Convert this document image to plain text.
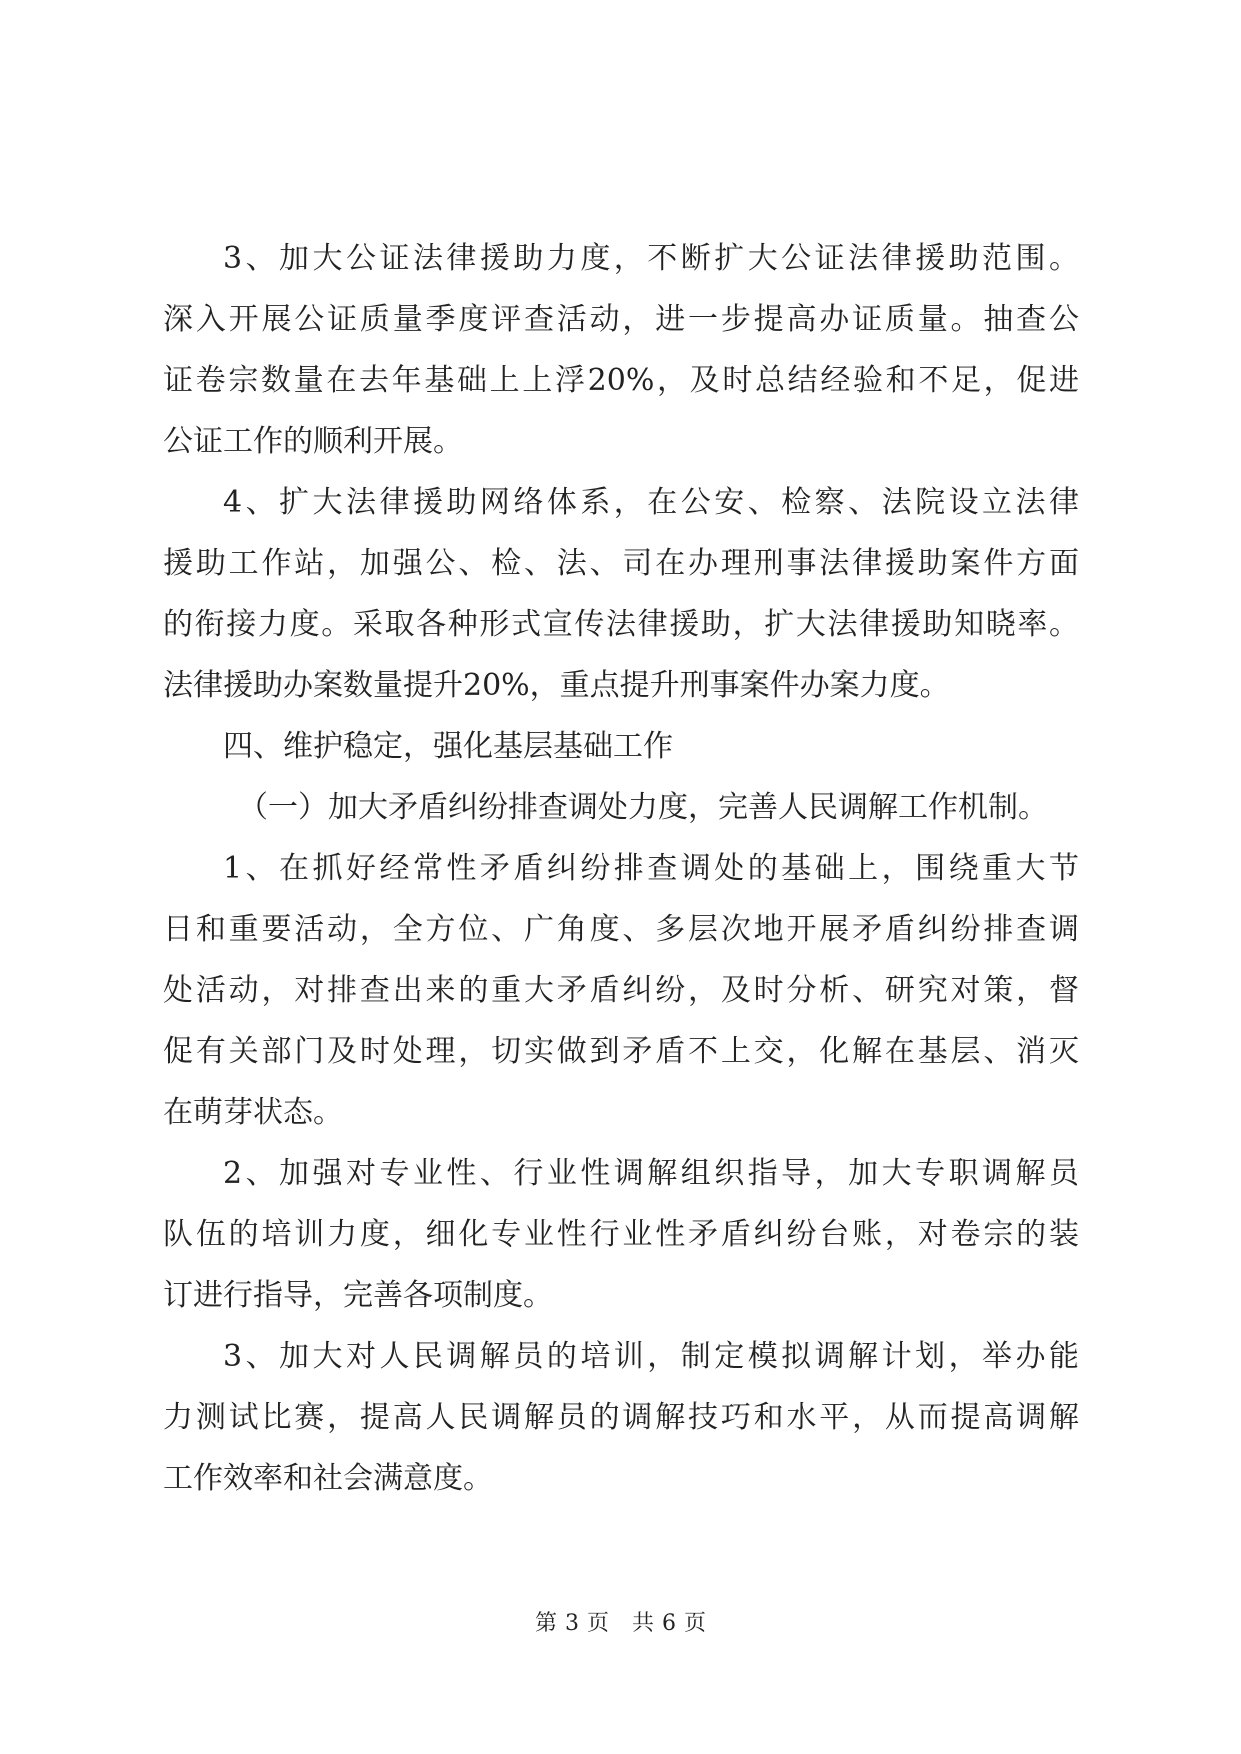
3、加大公证法律援助力度，不断扩大公证法律援助范围。
深入开展公证质量季度评查活动，进一步提高办证质量。抽查公
证卷宗数量在去年基础上上浮20%，及时总结经验和不足，促进
公证工作的顺利开展。
4、扩大法律援助网络体系，在公安、检察、法院设立法律
援助工作站，加强公、检、法、司在办理刑事法律援助案件方面
的衔接力度。采取各种形式宣传法律援助，扩大法律援助知晓率。
法律援助办案数量提升20%，重点提升刑事案件办案力度。
四、维护稳定，强化基层基础工作
（一）加大矛盾纠纷排查调处力度，完善人民调解工作机制。
1、在抓好经常性矛盾纠纷排查调处的基础上，围绕重大节
日和重要活动，全方位、广角度、多层次地开展矛盾纠纷排查调
处活动，对排查出来的重大矛盾纠纷，及时分析、研究对策，督
促有关部门及时处理，切实做到矛盾不上交，化解在基层、消灭
在萌芽状态。
2、加强对专业性、行业性调解组织指导，加大专职调解员
队伍的培训力度，细化专业性行业性矛盾纠纷台账，对卷宗的装
订进行指导，完善各项制度。
3、加大对人民调解员的培训，制定模拟调解计划，举办能
力测试比赛，提高人民调解员的调解技巧和水平，从而提高调解
工作效率和社会满意度。
第 3 页 共 6 页
